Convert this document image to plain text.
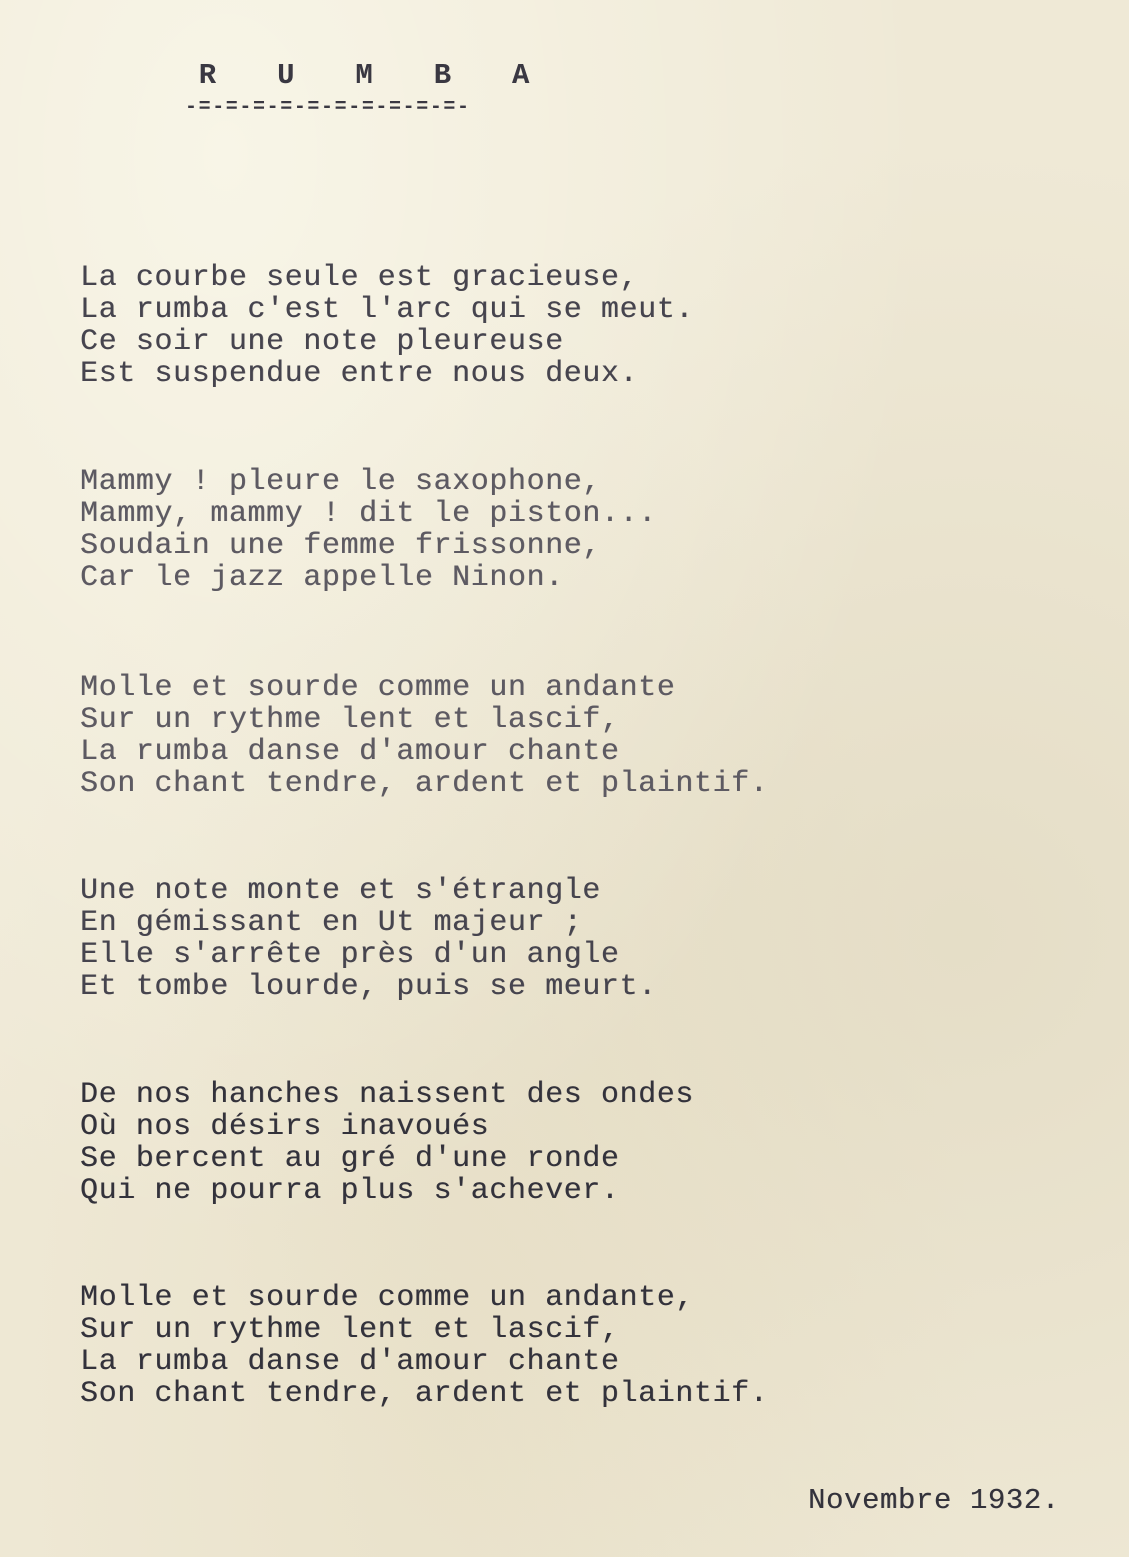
R U M B A
-=-=-=-=-=-=-=-=-=-=-
La courbe seule est gracieuse,
La rumba c'est l'arc qui se meut.
Ce soir une note pleureuse
Est suspendue entre nous deux.
Mammy ! pleure le saxophone,
Mammy, mammy ! dit le piston...
Soudain une femme frissonne,
Car le jazz appelle Ninon.
Molle et sourde comme un andante
Sur un rythme lent et lascif,
La rumba danse d'amour chante
Son chant tendre, ardent et plaintif.
Une note monte et s'étrangle
En gémissant en Ut majeur ;
Elle s'arrête près d'un angle
Et tombe lourde, puis se meurt.
De nos hanches naissent des ondes
Où nos désirs inavoués
Se bercent au gré d'une ronde
Qui ne pourra plus s'achever.
Molle et sourde comme un andante,
Sur un rythme lent et lascif,
La rumba danse d'amour chante
Son chant tendre, ardent et plaintif.
Novembre 1932.
